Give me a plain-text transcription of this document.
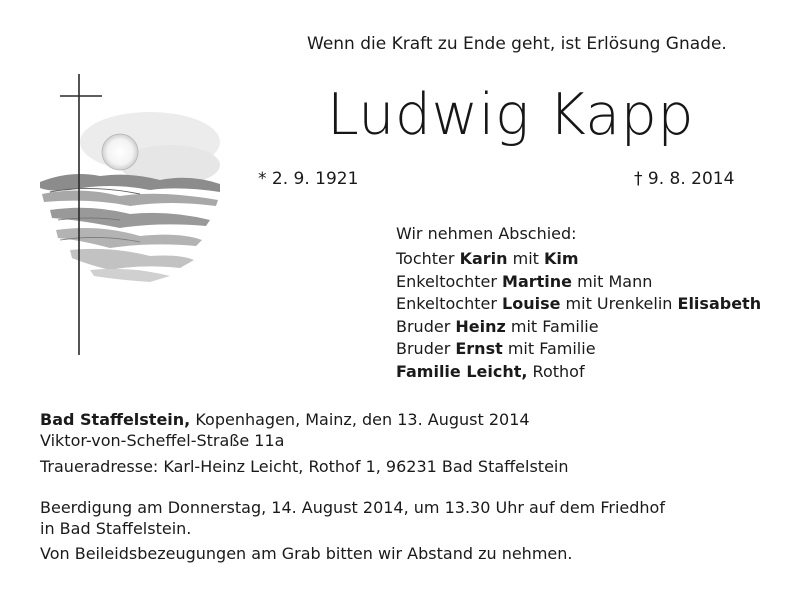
Wenn die Kraft zu Ende geht, ist Erlösung Gnade.
Ludwig Kapp
* 2. 9. 1921	† 9. 8. 2014
Wir nehmen Abschied:
Tochter Karin mit Kim
Enkeltochter Martine mit Mann
Enkeltochter Louise mit Urenkelin Elisabeth
Bruder Heinz mit Familie
Bruder Ernst mit Familie
Familie Leicht, Rothof
Bad Staffelstein, Kopenhagen, Mainz, den 13. August 2014
Viktor-von-Scheffel-Straße 11a
Traueradresse: Karl-Heinz Leicht, Rothof 1, 96231 Bad Staffelstein
Beerdigung am Donnerstag, 14. August 2014, um 13.30 Uhr auf dem Friedhof
in Bad Staffelstein.
Von Beileidsbezeugungen am Grab bitten wir Abstand zu nehmen.
